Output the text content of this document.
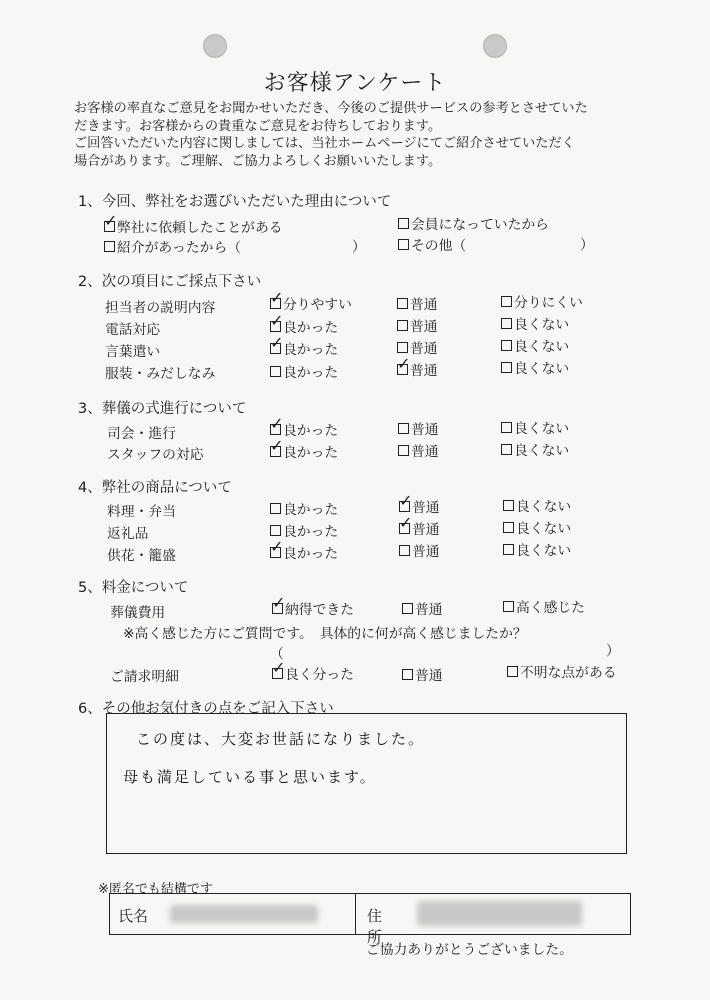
お客様アンケート
お客様の率直なご意見をお聞かせいただき、今後のご提供サービスの参考とさせていた
だきます。お客様からの貴重なご意見をお待ちしております。
ご回答いただいた内容に関しましては、当社ホームページにてご紹介させていただく
場合があります。ご理解、ご協力よろしくお願いいたします。
1、今回、弊社をお選びいただいた理由について
✓弊社に依頼したことがある	会員になっていたから
紹介があったから（	）	その他（	）
2、次の項目にご採点下さい
担当者の説明内容 ✓	分りやすい	普通	分りにくい
電話対応 ✓	良かった	普通	良くない
言葉遣い ✓	良かった	普通	良くない
服装・みだしなみ	良かった ✓	普通	良くない
3、葬儀の式進行について
司会・進行 ✓	良かった	普通	良くない
スタッフの対応 ✓	良かった	普通	良くない
4、弊社の商品について
料理・弁当	良かった ✓	普通	良くない
返礼品	良かった ✓	普通	良くない
供花・籠盛 ✓	良かった	普通	良くない
5、料金について
葬儀費用 ✓	納得できた	普通	高く感じた
※高く感じた方にご質問です。　具体的に何が高く感じましたか？
（	）
ご請求明細 ✓	良く分った	普通	不明な点がある
6、その他お気付きの点をご記入下さい
この度は、大変お世話になりました。
母も満足している事と思います。
※匿名でも結構です
氏名	住所
ご協力ありがとうございました。
